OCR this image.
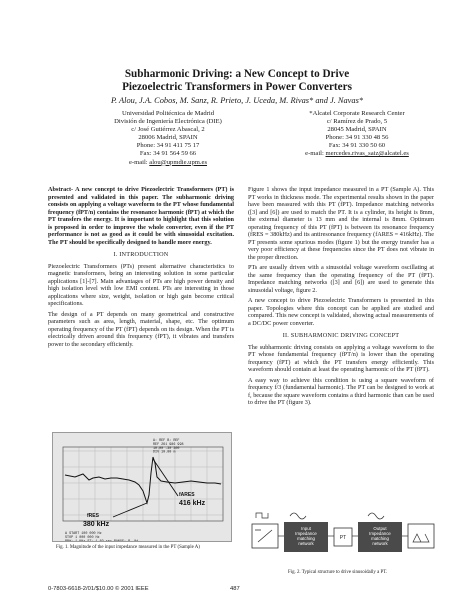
Subharmonic Driving: a New Concept to Drive
Piezoelectric Transformers in Power Converters
P. Alou, J.A. Cobos, M. Sanz, R. Prieto, J. Uceda, M. Rivas* and J. Navas*
Universidad Politécnica de Madrid
División de Ingeniería Electrónica (DIE)
c/ José Gutiérrez Abascal, 2
28006 Madrid, SPAIN
Phone: 34 91 411 75 17
Fax: 34 91 564 59 66
e-mail: alou@upmdie.upm.es
*Alcatel Corporate Research Center
c/ Ramírez de Prado, 5
28045 Madrid, SPAIN
Phone: 34 91 330 48 56
Fax: 34 91 330 50 60
e-mail: mercedes.rivas_saiz@alcatel.es

Abstract- A new concept to drive Piezoelectric Transformers (PT) is presented and validated in this paper. The subharmonic driving consists on applying a voltage waveform to the PT whose fundamental frequency (fPT/n) contains the resonance harmonic (fPT) at which the PT transfers the energy. It is important to highlight that this solution is proposed in order to improve the whole converter, even if the PT performance is not as good as it could be with sinusoidal excitation. The PT should be specifically designed to handle more energy.

I. INTRODUCTION

Piezoelectric Transformers (PTs) present alternative characteristics to magnetic transformers, being an interesting solution in some particular applications [1]-[7]. Main advantages of PTs are high power density and high isolation level with low EMI content. PTs are interesting in those applications where size, weight, isolation or high gain become critical specifications.

The design of a PT depends on many geometrical and constructive parameters such as area, length, material, shape, etc. The optimum operating frequency of the PT (fPT) depends on its design. When the PT is electrically driven around this frequency (fPT), it vibrates and transfers power to the secondary efficiently.

fARES
416 kHz
fRES
380 kHz
A: REF B: REF REF 261 986 998 10.00 -30 300 DIV 10.00 m
A START 100 000 Hz STOP 1 000 000 Hz
Fig. 1. Magnitude of the input impedance measured in the PT (Sample A)

Figure 1 shows the input impedance measured in a PT (Sample A). This PT works in thickness mode. The experimental results shown in the paper have been measured with this PT (fPT). Impedance matching networks ([3] and [6]) are used to match the PT. It is a cylinder, its height is 8mm, the external diameter is 13 mm and the internal is 8mm. Optimum operating frequency of this PT (fPT) is between its resonance frequency (fRES = 380kHz) and its antiresonance frequency (fARES = 416kHz). The PT presents some spurious modes (figure 1) but the energy transfer has a very poor efficiency at these frequencies since the PT does not vibrate in the proper direction.

PTs are usually driven with a sinusoidal voltage waveform oscillating at the same frequency than the operating frequency of the PT (fPT). Impedance matching networks ([3] and [6]) are used to generate this sinusoidal voltage, figure 2.

A new concept to drive Piezoelectric Transformers is presented in this paper. Topologies where this concept can be applied are studied and compared. This new concept is validated, showing actual measurements of a DC/DC power converter.

II. SUBHARMONIC DRIVING CONCEPT

The subharmonic driving consists on applying a voltage waveform to the PT whose fundamental frequency (fPT/n) is lower than the operating frequency (fPT) at which the PT transfers energy efficiently. This waveform should contain at least the operating harmonic of the PT (fPT).

A easy way to achieve this condition is using a square waveform of frequency f/3 (fundamental harmonic). The PT can be designed to work at f, because the square waveform contains a third harmonic than can be used to drive the PT (figure 3).

Input Impedance matching network
PT
Output Impedance matching network
Fig. 2. Typical structure to drive sinusoidally a PT.
0-7803-6618-2/01/$10.00 © 2001 IEEE	487
